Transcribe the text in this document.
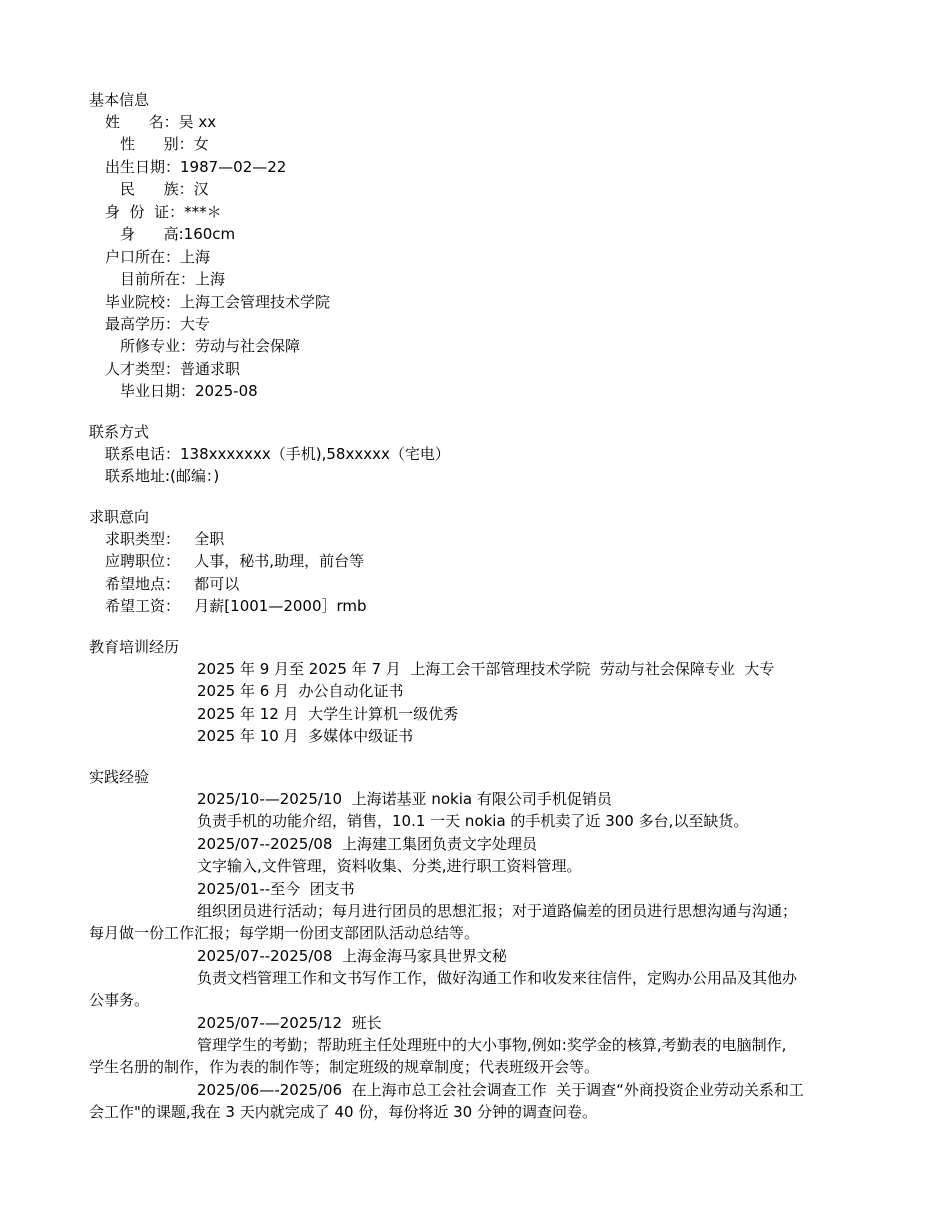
基本信息
姓      名：吴 xx
性      别：女
出生日期：1987—02—22
民      族：汉
身  份  证：***＊
身      高:160cm
户口所在：上海
目前所在：上海
毕业院校：上海工会管理技术学院
最高学历：大专
所修专业：劳动与社会保障
人才类型：普通求职
毕业日期：2025-08
联系方式
联系电话：138xxxxxxx（手机),58xxxxx（宅电）
联系地址:(邮编：)
求职意向
求职类型：   全职
应聘职位：   人事，秘书,助理，前台等
希望地点：   都可以
希望工资：   月薪[1001—2000］rmb
教育培训经历
2025 年 9 月至 2025 年 7 月  上海工会干部管理技术学院  劳动与社会保障专业  大专
2025 年 6 月  办公自动化证书
2025 年 12 月  大学生计算机一级优秀
2025 年 10 月  多媒体中级证书
实践经验
2025/10-—2025/10  上海诺基亚 nokia 有限公司手机促销员
负责手机的功能介绍，销售，10.1 一天 nokia 的手机卖了近 300 多台,以至缺货。
2025/07--2025/08  上海建工集团负责文字处理员
文字输入,文件管理，资料收集、分类,进行职工资料管理。
2025/01--至今  团支书
组织团员进行活动；每月进行团员的思想汇报；对于道路偏差的团员进行思想沟通与沟通；
每月做一份工作汇报；每学期一份团支部团队活动总结等。
2025/07--2025/08  上海金海马家具世界文秘
负责文档管理工作和文书写作工作，做好沟通工作和收发来往信件，定购办公用品及其他办
公事务。
2025/07-—2025/12  班长
管理学生的考勤；帮助班主任处理班中的大小事物,例如:奖学金的核算,考勤表的电脑制作,
学生名册的制作，作为表的制作等；制定班级的规章制度；代表班级开会等。
2025/06—-2025/06  在上海市总工会社会调查工作  关于调查“外商投资企业劳动关系和工
会工作"的课题,我在 3 天内就完成了 40 份，每份将近 30 分钟的调查问卷。
